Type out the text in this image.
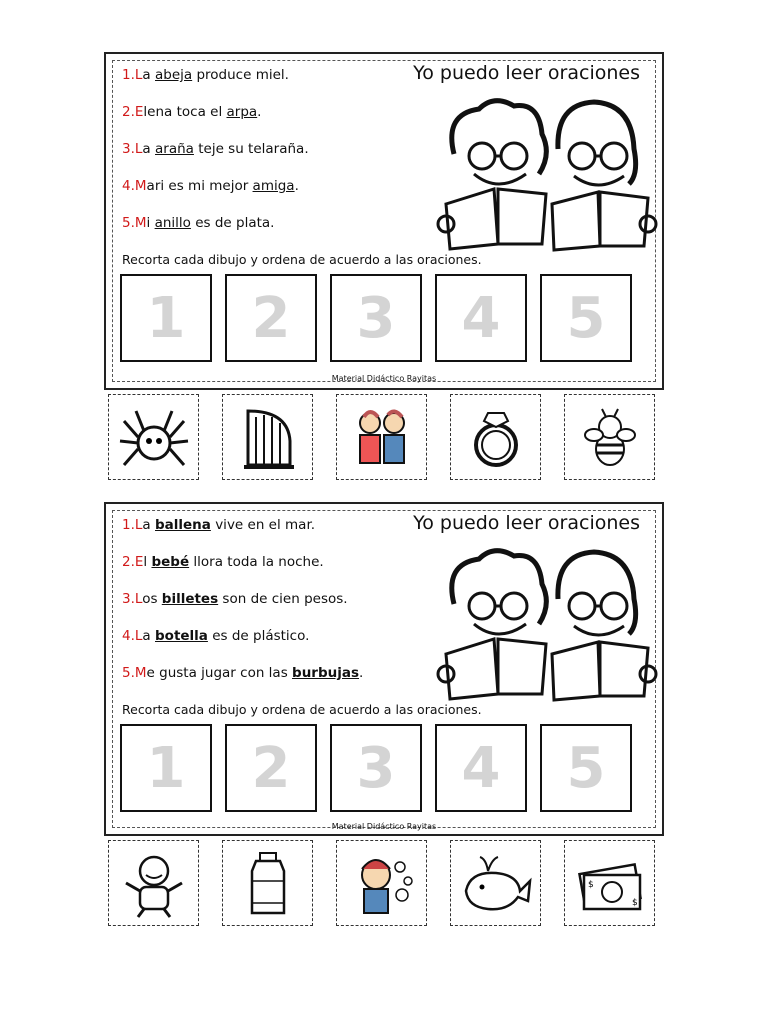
Yo puedo leer oraciones
1.La abeja produce miel.
2.Elena toca el arpa.
3.La araña teje su telaraña.
4.Mari es mi mejor amiga.
5.Mi anillo es de plata.
Recorta cada dibujo y ordena de acuerdo a las oraciones.
1 2 3 4 5
Material Didáctico Rayitas
Yo puedo leer oraciones
1.La ballena vive en el mar.
2.El bebé llora toda la noche.
3.Los billetes son de cien pesos.
4.La botella es de plástico.
5.Me gusta jugar con las burbujas.
Recorta cada dibujo y ordena de acuerdo a las oraciones.
1 2 3 4 5
Material Didáctico Rayitas
$
$
